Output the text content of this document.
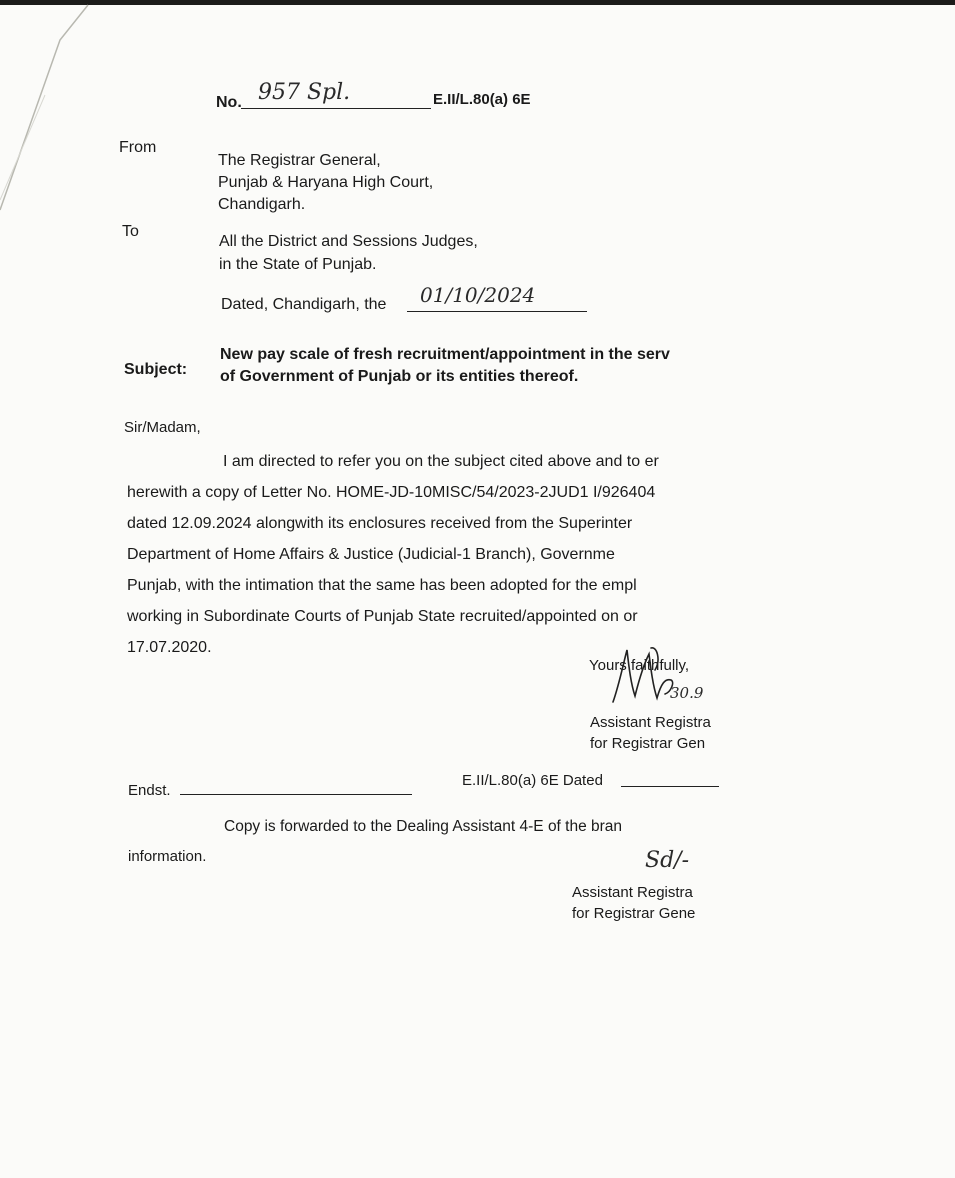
No. 957 Spl.	E.II/L.80(a) 6E
From
The Registrar General,
Punjab & Haryana High Court,
Chandigarh.
To
All the District and Sessions Judges,
in the State of Punjab.
Dated, Chandigarh, the 01/10/2024
Subject:
New pay scale of fresh recruitment/appointment in the serv
of Government of Punjab or its entities thereof.
Sir/Madam,
I am directed to refer you on the subject cited above and to er
herewith a copy of Letter No. HOME-JD-10MISC/54/2023-2JUD1 I/926404
dated 12.09.2024 alongwith its enclosures received from the Superinter
Department of Home Affairs & Justice (Judicial-1 Branch), Governme
Punjab, with the intimation that the same has been adopted for the empl
working in Subordinate Courts of Punjab State recruited/appointed on or
17.07.2020.
Yours faithfully,
30.9
Assistant Registra
for Registrar Gen
Endst.
E.II/L.80(a) 6E Dated
Copy is forwarded to the Dealing Assistant 4-E of the bran
information.	Sd/-
Assistant Registra
for Registrar Gene
